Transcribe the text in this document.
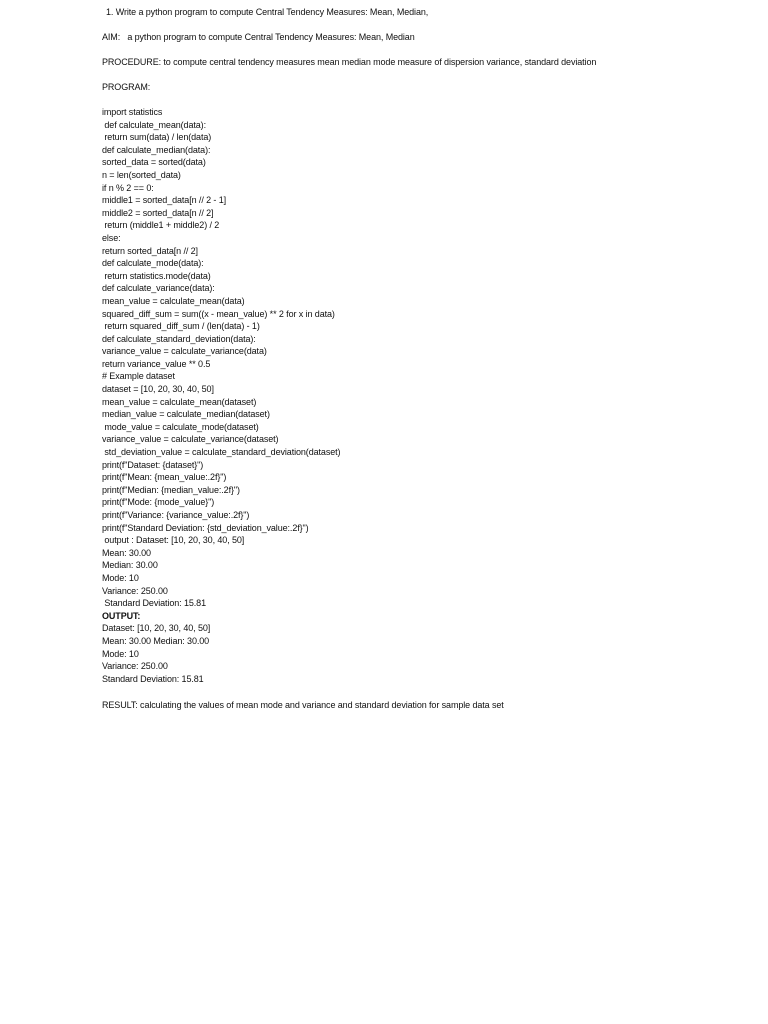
1. Write a python program to compute Central Tendency Measures: Mean, Median,
AIM: a python program to compute Central Tendency Measures: Mean, Median
PROCEDURE: to compute central tendency measures mean median mode measure of dispersion variance, standard deviation
PROGRAM:
import statistics
def calculate_mean(data):
return sum(data) / len(data)
def calculate_median(data):
sorted_data = sorted(data)
n = len(sorted_data)
if n % 2 == 0:
middle1 = sorted_data[n // 2 - 1]
middle2 = sorted_data[n // 2]
return (middle1 + middle2) / 2
else:
return sorted_data[n // 2]
def calculate_mode(data):
return statistics.mode(data)
def calculate_variance(data):
mean_value = calculate_mean(data)
squared_diff_sum = sum((x - mean_value) ** 2 for x in data)
return squared_diff_sum / (len(data) - 1)
def calculate_standard_deviation(data):
variance_value = calculate_variance(data)
return variance_value ** 0.5
# Example dataset
dataset = [10, 20, 30, 40, 50]
mean_value = calculate_mean(dataset)
median_value = calculate_median(dataset)
mode_value = calculate_mode(dataset)
variance_value = calculate_variance(dataset)
std_deviation_value = calculate_standard_deviation(dataset)
print(f"Dataset: {dataset}")
print(f"Mean: {mean_value:.2f}")
print(f"Median: {median_value:.2f}")
print(f"Mode: {mode_value}")
print(f"Variance: {variance_value:.2f}")
print(f"Standard Deviation: {std_deviation_value:.2f}")
output : Dataset: [10, 20, 30, 40, 50]
Mean: 30.00
Median: 30.00
Mode: 10
Variance: 250.00
Standard Deviation: 15.81
OUTPUT:
Dataset: [10, 20, 30, 40, 50]
Mean: 30.00 Median: 30.00
Mode: 10
Variance: 250.00
Standard Deviation: 15.81
RESULT: calculating the values of mean mode and variance and standard deviation for sample data set
